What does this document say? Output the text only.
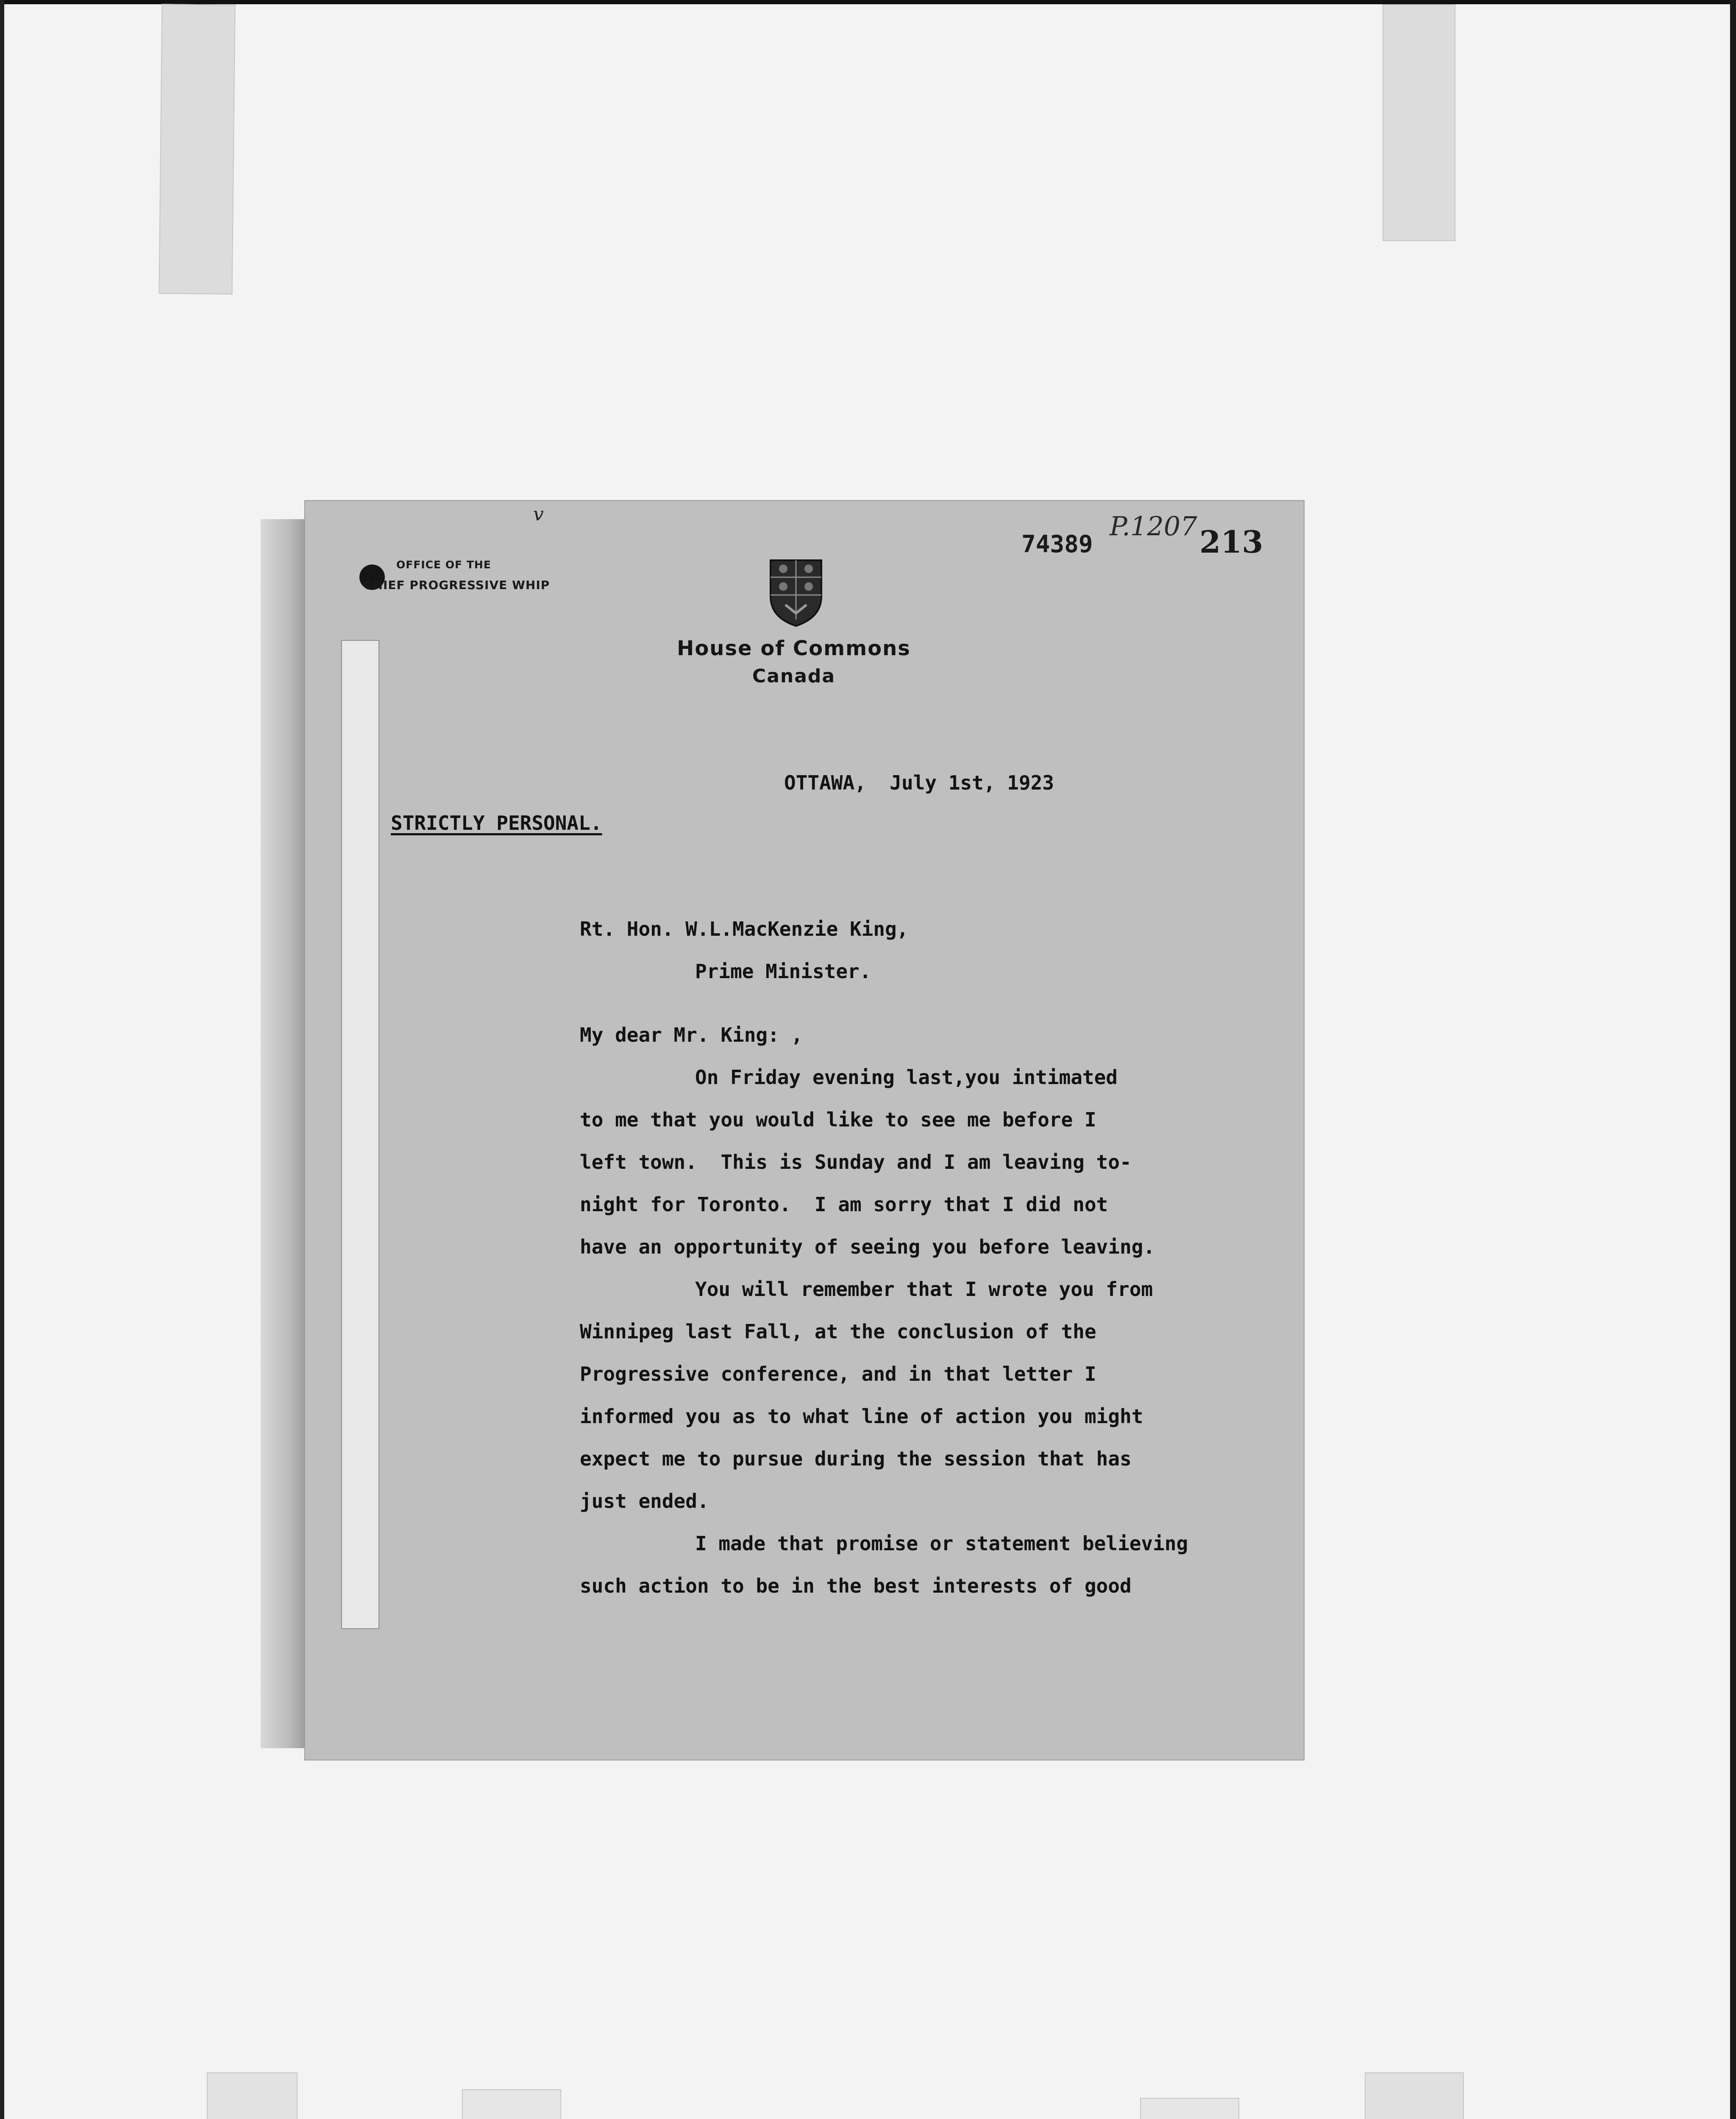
OFFICE OF THE
CHIEF PROGRESSIVE WHIP
v
House of Commons
Canada
74389
P.1207 213
OTTAWA,  July 1st, 1923
STRICTLY PERSONAL.
Rt. Hon. W.L.MacKenzie King,
Prime Minister.
My dear Mr. King: ,
On Friday evening last,you intimated
to me that you would like to see me before I
left town.  This is Sunday and I am leaving to-
night for Toronto.  I am sorry that I did not
have an opportunity of seeing you before leaving.
You will remember that I wrote you from
Winnipeg last Fall, at the conclusion of the
Progressive conference, and in that letter I
informed you as to what line of action you might
expect me to pursue during the session that has
just ended.
I made that promise or statement believing
such action to be in the best interests of good
